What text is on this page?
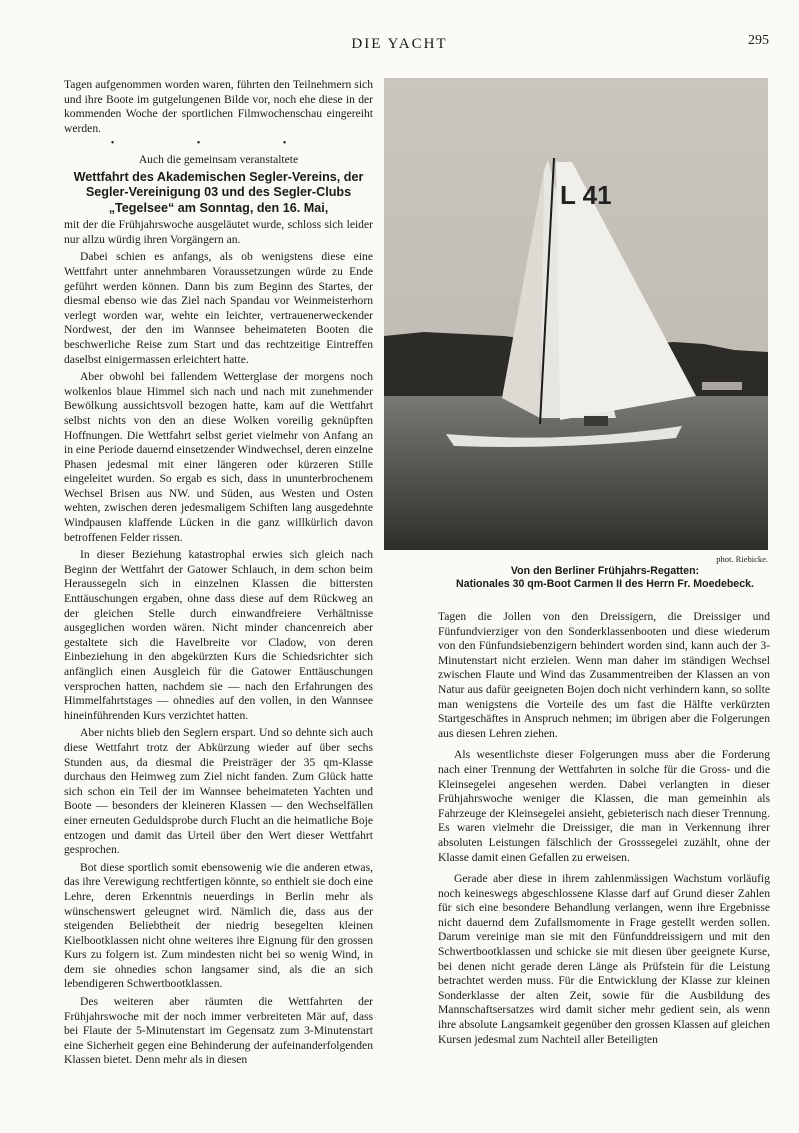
DIE YACHT	295

Tagen aufgenommen worden waren, führten den Teilnehmern sich und ihre Boote im gutgelungenen Bilde vor, noch ehe diese in der kommenden Woche der sportlichen Filmwochenschau eingereiht werden.

• • •
Auch die gemeinsam veranstaltete
Wettfahrt des Akademischen Segler-Vereins, der Segler-Vereinigung 03 und des Segler-Clubs „Tegelsee“ am Sonntag, den 16. Mai,

mit der die Frühjahrswoche ausgeläutet wurde, schloss sich leider nur allzu würdig ihren Vorgängern an.

Dabei schien es anfangs, als ob wenigstens diese eine Wettfahrt unter annehmbaren Voraussetzungen würde zu Ende geführt werden können. Dann bis zum Beginn des Startes, der diesmal ebenso wie das Ziel nach Spandau vor Weinmeisterhorn verlegt worden war, wehte ein leichter, vertrauenerweckender Nordwest, der den im Wannsee beheimateten Booten die beschwerliche Reise zum Start und das rechtzeitige Eintreffen daselbst einigermassen erleichtert hatte.

Aber obwohl bei fallendem Wetterglase der morgens noch wolkenlos blaue Himmel sich nach und nach mit zunehmender Bewölkung aussichtsvoll bezogen hatte, kam auf die Wettfahrt selbst nichts von den an diese Wolken voreilig geknüpften Hoffnungen. Die Wettfahrt selbst geriet vielmehr von Anfang an in eine Periode dauernd einsetzender Windwechsel, deren einzelne Phasen jedesmal mit einer längeren oder kürzeren Stille eingeleitet wurden. So ergab es sich, dass in ununterbrochenem Wechsel Brisen aus NW. und Süden, aus Westen und Osten wehten, zwischen deren jedesmaligem Schiften lang ausgedehnte Windpausen klaffende Lücken in die ganz willkürlich davon betroffenen Felder rissen.

In dieser Beziehung katastrophal erwies sich gleich nach Beginn der Wettfahrt der Gatower Schlauch, in dem schon beim Heraussegeln sich in einzelnen Klassen die bittersten Enttäuschungen ergaben, ohne dass diese auf dem Rückweg an der gleichen Stelle durch einwandfreiere Verhältnisse ausgeglichen worden wären. Nicht minder chancenreich aber gestaltete sich die Havelbreite vor Cladow, von deren Einbeziehung in den abgekürzten Kurs die Schiedsrichter sich anfänglich einen Ausgleich für die Gatower Enttäuschungen versprochen hatten, nachdem sie — nach den Erfahrungen des Himmelfahrtstages — ohnedies auf den vollen, in den Wannsee hineinführenden Kurs verzichtet hatten.

Aber nichts blieb den Seglern erspart. Und so dehnte sich auch diese Wettfahrt trotz der Abkürzung wieder auf über sechs Stunden aus, da diesmal die Preisträger der 35 qm-Klasse durchaus den Heimweg zum Ziel nicht fanden. Zum Glück hatte sich schon ein Teil der im Wannsee beheimateten Yachten und Boote — besonders der kleineren Klassen — den Wechselfällen einer erneuten Geduldsprobe durch Flucht an die heimatliche Boje entzogen und damit das Urteil über den Wert dieser Wettfahrt gesprochen.

Bot diese sportlich somit ebensowenig wie die anderen etwas, das ihre Verewigung rechtfertigen könnte, so enthielt sie doch eine Lehre, deren Erkenntnis neuerdings in Berlin mehr als wünschenswert geleugnet wird. Nämlich die, dass aus der steigenden Beliebtheit der niedrig besegelten kleinen Kielbootklassen nicht ohne weiteres ihre Eignung für den grossen Kurs zu folgern ist. Zum mindesten nicht bei so wenig Wind, in dem sie ohnedies schon langsamer sind, als die an sich lebendigeren Schwertbootklassen.

Des weiteren aber räumten die Wettfahrten der Frühjahrswoche mit der noch immer verbreiteten Mär auf, dass bei Flaute der 5-Minutenstart im Gegensatz zum 3-Minutenstart eine Sicherheit gegen eine Behinderung der aufeinanderfolgenden Klassen bietet. Denn mehr als in diesen

L 41
phot. Riebicke.
Von den Berliner Frühjahrs-Regatten:
Nationales 30 qm-Boot Carmen II des Herrn Fr. Moedebeck.

Tagen die Jollen von den Dreissigern, die Dreissiger und Fünfundvierziger von den Sonderklassenbooten und diese wiederum von den Fünfundsiebenzigern behindert worden sind, kann auch der 3-Minutenstart nicht erzielen. Wenn man daher im ständigen Wechsel zwischen Flaute und Wind das Zusammentreiben der Klassen an von Natur aus dafür geeigneten Bojen doch nicht verhindern kann, so sollte man wenigstens die Vorteile des um fast die Hälfte verkürzten Startgeschäftes in Anspruch nehmen; im übrigen aber die Folgerungen aus diesen Lehren ziehen.

Als wesentlichste dieser Folgerungen muss aber die Forderung nach einer Trennung der Wettfahrten in solche für die Gross- und die Kleinsegelei angesehen werden. Dabei verlangten in dieser Frühjahrswoche weniger die Klassen, die man gemeinhin als Fahrzeuge der Kleinsegelei ansieht, gebieterisch nach dieser Trennung. Es waren vielmehr die Dreissiger, die man in Verkennung ihrer absoluten Leistungen fälschlich der Grosssegelei zuzählt, ohne der Klasse damit einen Gefallen zu erweisen.

Gerade aber diese in ihrem zahlenmässigen Wachstum vorläufig noch keineswegs abgeschlossene Klasse darf auf Grund dieser Zahlen für sich eine besondere Behandlung verlangen, wenn ihre Ergebnisse nicht dauernd dem Zufallsmomente in Frage gestellt werden sollen. Darum vereinige man sie mit den Fünfunddreissigern und mit den Schwertbootklassen und schicke sie mit diesen über geeignete Kurse, bei denen nicht gerade deren Länge als Prüfstein für die Leistung betrachtet werden muss. Für die Entwicklung der Klasse zur kleinen Sonderklasse der alten Zeit, sowie für die Ausbildung des Mannschaftsersatzes wird damit sicher mehr gedient sein, als wenn ihre absolute Langsamkeit gegenüber den grossen Klassen auf gleichen Kursen jedesmal zum Nachteil aller Beteiligten
